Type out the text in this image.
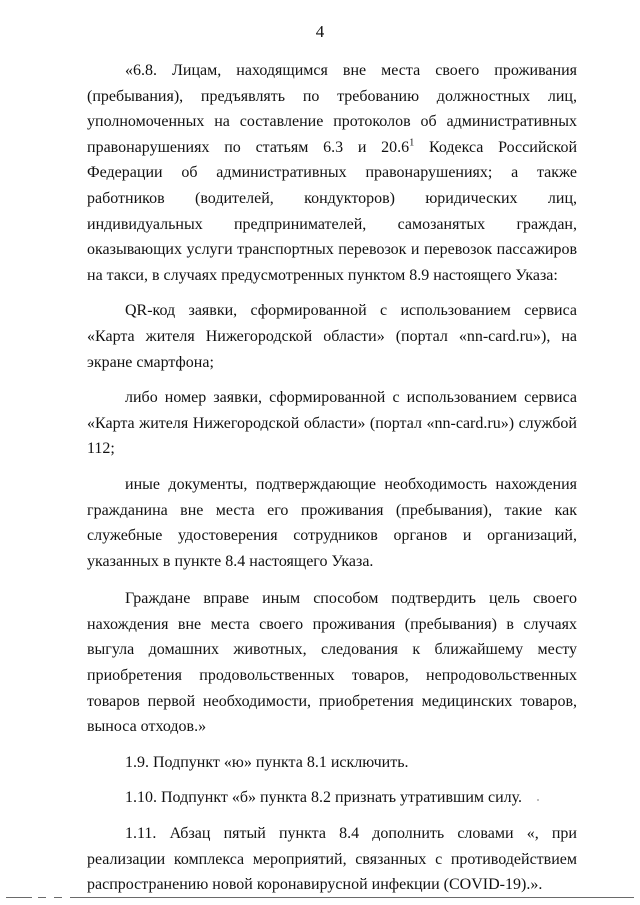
4

«6.8. Лицам, находящимся вне места своего проживания (пребывания), предъявлять по требованию должностных лиц, уполномоченных на составление протоколов об административных правонарушениях по статьям 6.3 и 20.6$^1$ Кодекса Российской Федерации об административных правонарушениях; а также работников (водителей, кондукторов) юридических лиц, индивидуальных предпринимателей, самозанятых граждан, оказывающих услуги транспортных перевозок и перевозок пассажиров на такси, в случаях предусмотренных пунктом 8.9 настоящего Указа:

QR-код заявки, сформированной с использованием сервиса «Карта жителя Нижегородской области» (портал «nn-card.ru»), на экране смартфона;

либо номер заявки, сформированной с использованием сервиса «Карта жителя Нижегородской области» (портал «nn-card.ru») службой 112;

иные документы, подтверждающие необходимость нахождения гражданина вне места его проживания (пребывания), такие как служебные удостоверения сотрудников органов и организаций, указанных в пункте 8.4 настоящего Указа.

Граждане вправе иным способом подтвердить цель своего нахождения вне места своего проживания (пребывания) в случаях выгула домашних животных, следования к ближайшему месту приобретения продовольственных товаров, непродовольственных товаров первой необходимости, приобретения медицинских товаров, выноса отходов.»

1.9. Подпункт «ю» пункта 8.1 исключить.

1.10. Подпункт «б» пункта 8.2 признать утратившим силу.

1.11. Абзац пятый пункта 8.4 дополнить словами «, при реализации комплекса мероприятий, связанных с противодействием распространению новой коронавирусной инфекции (COVID-19).».
